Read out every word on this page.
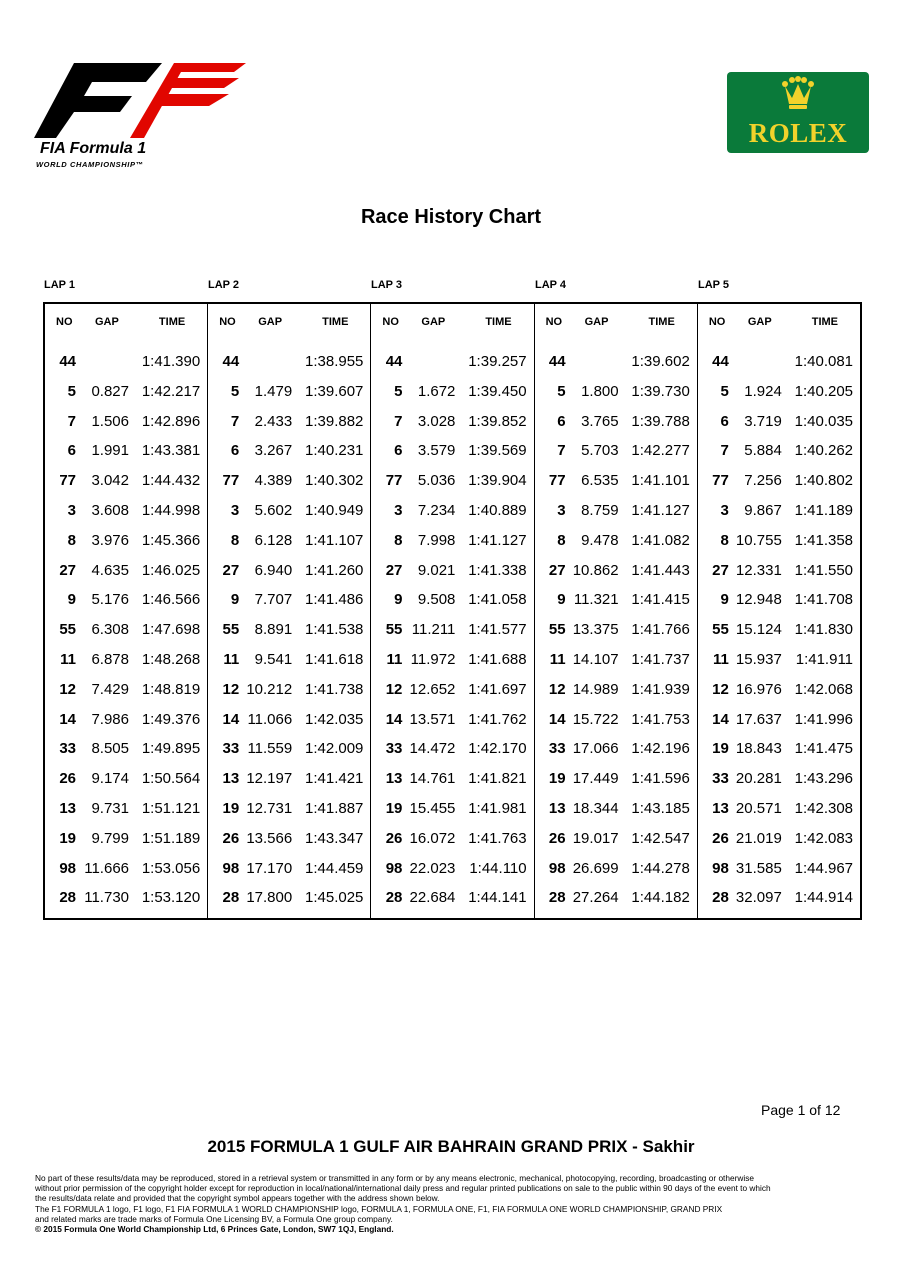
FIA Formula 1
WORLD CHAMPIONSHIP™
ROLEX
Race History Chart
LAP 1	LAP 2	LAP 3	LAP 4	LAP 5
NO GAP	TIME
44	1:41.390
5	0.827 1:42.217
7	1.506 1:42.896
6	1.991 1:43.381
77	3.042 1:44.432
3	3.608 1:44.998
8	3.976 1:45.366
27	4.635 1:46.025
9	5.176 1:46.566
55	6.308 1:47.698
11	6.878 1:48.268
12	7.429 1:48.819
14	7.986 1:49.376
33	8.505 1:49.895
26	9.174 1:50.564
13	9.731 1:51.121
19	9.799 1:51.189
98 11.666 1:53.056
28 11.730 1:53.120
NO GAP	TIME
44	1:38.955
5	1.479 1:39.607
7	2.433 1:39.882
6	3.267 1:40.231
77	4.389 1:40.302
3	5.602 1:40.949
8	6.128 1:41.107
27	6.940 1:41.260
9	7.707 1:41.486
55	8.891 1:41.538
11	9.541 1:41.618
12 10.212 1:41.738
14 11.066 1:42.035
33 11.559 1:42.009
13 12.197 1:41.421
19 12.731 1:41.887
26 13.566 1:43.347
98 17.170 1:44.459
28 17.800 1:45.025
NO GAP	TIME
44	1:39.257
5	1.672 1:39.450
7	3.028 1:39.852
6	3.579 1:39.569
77	5.036 1:39.904
3	7.234 1:40.889
8	7.998 1:41.127
27	9.021 1:41.338
9	9.508 1:41.058
55 11.211 1:41.577
11 11.972 1:41.688
12 12.652 1:41.697
14 13.571 1:41.762
33 14.472 1:42.170
13 14.761 1:41.821
19 15.455 1:41.981
26 16.072 1:41.763
98 22.023 1:44.110
28 22.684 1:44.141
NO GAP	TIME
44	1:39.602
5	1.800 1:39.730
6	3.765 1:39.788
7	5.703 1:42.277
77	6.535 1:41.101
3	8.759 1:41.127
8	9.478 1:41.082
27 10.862 1:41.443
9 11.321 1:41.415
55 13.375 1:41.766
11 14.107 1:41.737
12 14.989 1:41.939
14 15.722 1:41.753
33 17.066 1:42.196
19 17.449 1:41.596
13 18.344 1:43.185
26 19.017 1:42.547
98 26.699 1:44.278
28 27.264 1:44.182
NO GAP	TIME
44	1:40.081
5	1.924 1:40.205
6	3.719 1:40.035
7	5.884 1:40.262
77	7.256 1:40.802
3	9.867 1:41.189
8 10.755 1:41.358
27 12.331 1:41.550
9 12.948 1:41.708
55 15.124 1:41.830
11 15.937 1:41.911
12 16.976 1:42.068
14 17.637 1:41.996
19 18.843 1:41.475
33 20.281 1:43.296
13 20.571 1:42.308
26 21.019 1:42.083
98 31.585 1:44.967
28 32.097 1:44.914
Page 1 of 12
2015 FORMULA 1 GULF AIR BAHRAIN GRAND PRIX - Sakhir
No part of these results/data may be reproduced, stored in a retrieval system or transmitted in any form or by any means electronic, mechanical, photocopying, recording, broadcasting or otherwise
without prior permission of the copyright holder except for reproduction in local/national/international daily press and regular printed publications on sale to the public within 90 days of the event to which
the results/data relate and provided that the copyright symbol appears together with the address shown below.
The F1 FORMULA 1 logo, F1 logo, F1 FIA FORMULA 1 WORLD CHAMPIONSHIP logo, FORMULA 1, FORMULA ONE, F1, FIA FORMULA ONE WORLD CHAMPIONSHIP, GRAND PRIX
and related marks are trade marks of Formula One Licensing BV, a Formula One group company.
© 2015 Formula One World Championship Ltd, 6 Princes Gate, London, SW7 1QJ, England.
